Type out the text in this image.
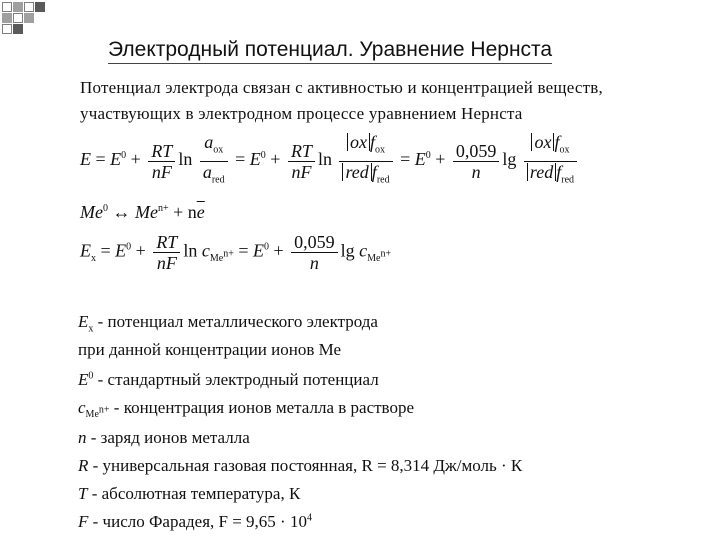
Электродный потенциал. Уравнение Нернста
Потенциал электрода связан с активностью и концентрацией веществ,
участвующих в электродном процессе уравнением Нернста
$E = E^0 + \frac{RT}{nF}$ $\ln \frac{a_{ox}}{a_{red}} = E^0 + \frac{RT}{nF}$ $\ln \frac{ox f_{ox}}{red f_{red}} = E^0 + \frac{0,059}{n}$ $\lg \frac{ox f_{ox}}{red f_{red}}$
Me$^0$ ↔ $Me^{n+} + n\overline{e}$
$E_x = E^0 + \frac{RT}{nF}$ $\ln c_{Me^{n+}} = E^0 + \frac{0,059}{n}$ $\lg c_{Me^{n+}}$
$E_x$ - потенциал металлического электрода
при данной концентрации ионов Ме
$E^0$ - стандартный электродный потенциал
$c_{Me^{n+}}$ - концентрация ионов металла в растворе
n - заряд ионов металла
R - универсальная газовая постоянная, R = 8,314 Дж/моль · К
T - абсолютная температура, К
F - число Фарадея, $F = 9,65 \cdot 10^4$
